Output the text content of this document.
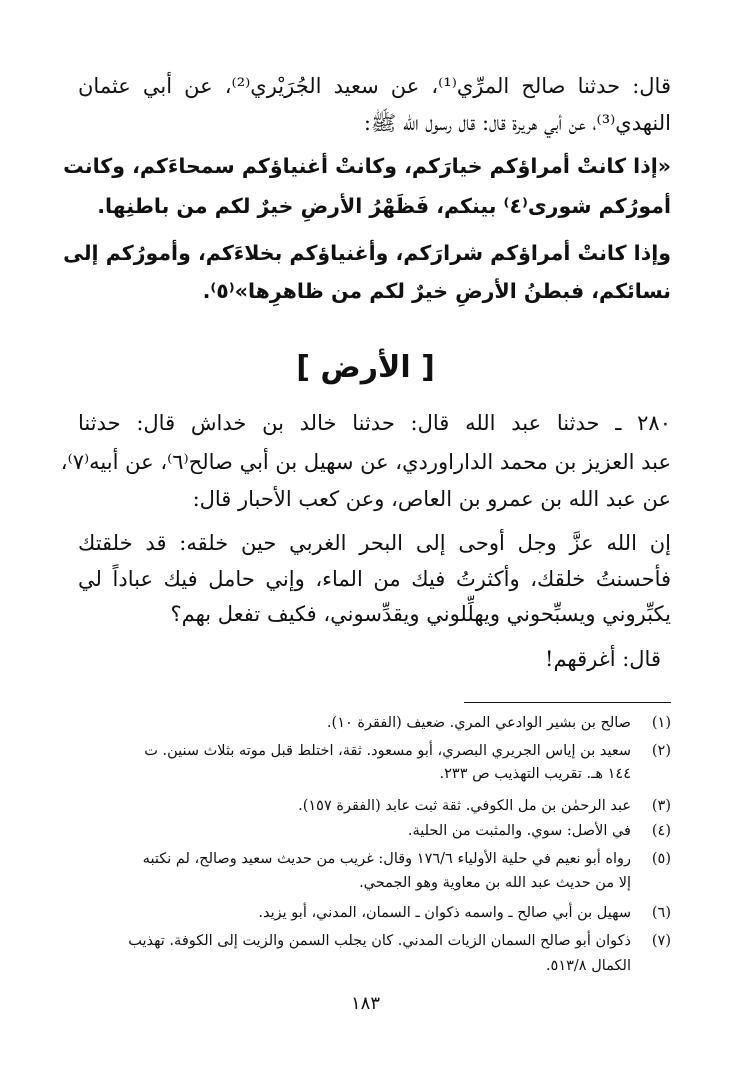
قال: حدثنا صالح المرِّي⁽¹⁾، عن سعيد الجُرَيْري⁽²⁾، عن أبي عثمان
النهدي⁽³⁾، عن أبي هريرة قال: قال رسول الله ﷺ:
«إذا كانتْ أمراؤكم خيارَكم، وكانتْ أغنياؤكم سمحاءَكم، وكانت
أمورُكم شورى⁽٤⁾ بينكم، فَظَهْرُ الأرضِ خيرٌ لكم من باطنِها.
وإذا كانتْ أمراؤكم شرارَكم، وأغنياؤكم بخلاءَكم، وأمورُكم إلى
نسائكم، فبطنُ الأرضِ خيرٌ لكم من ظاهرِها»⁽٥⁾.
[ الأرض ]
٢٨٠ ـ حدثنا عبد الله قال: حدثنا خالد بن خداش قال: حدثنا
عبد العزيز بن محمد الداراوردي، عن سهيل بن أبي صالح⁽٦⁾، عن أبيه⁽٧⁾،
عن عبد الله بن عمرو بن العاص، وعن كعب الأحبار قال:
إن الله عزَّ وجل أوحى إلى البحر الغربي حين خلقه: قد خلقتك
فأحسنتُ خلقك، وأكثرتُ فيك من الماء، وإني حامل فيك عباداً لي
يكبِّروني ويسبِّحوني ويهلِّلوني ويقدِّسوني، فكيف تفعل بهم؟
قال: أغرقهم!
(١)صالح بن بشير الوادعي المري. ضعيف (الفقرة ١٠).
(٢)سعيد بن إياس الجريري البصري، أبو مسعود. ثقة، اختلط قبل موته بثلاث سنين. ت
١٤٤ هـ. تقريب التهذيب ص ٢٣٣.
(٣)عبد الرحمٰن بن مل الكوفي. ثقة ثبت عابد (الفقرة ١٥٧).
(٤)في الأصل: سوي. والمثبت من الحلية.
(٥)رواه أبو نعيم في حلية الأولياء ١٧٦/٦ وقال: غريب من حديث سعيد وصالح، لم نكتبه
إلا من حديث عبد الله بن معاوية وهو الجمحي.
(٦)سهيل بن أبي صالح ـ واسمه ذكوان ـ السمان، المدني، أبو يزيد.
(٧)ذكوان أبو صالح السمان الزيات المدني. كان يجلب السمن والزيت إلى الكوفة. تهذيب
الكمال ٥١٣/٨.
١٨٣
